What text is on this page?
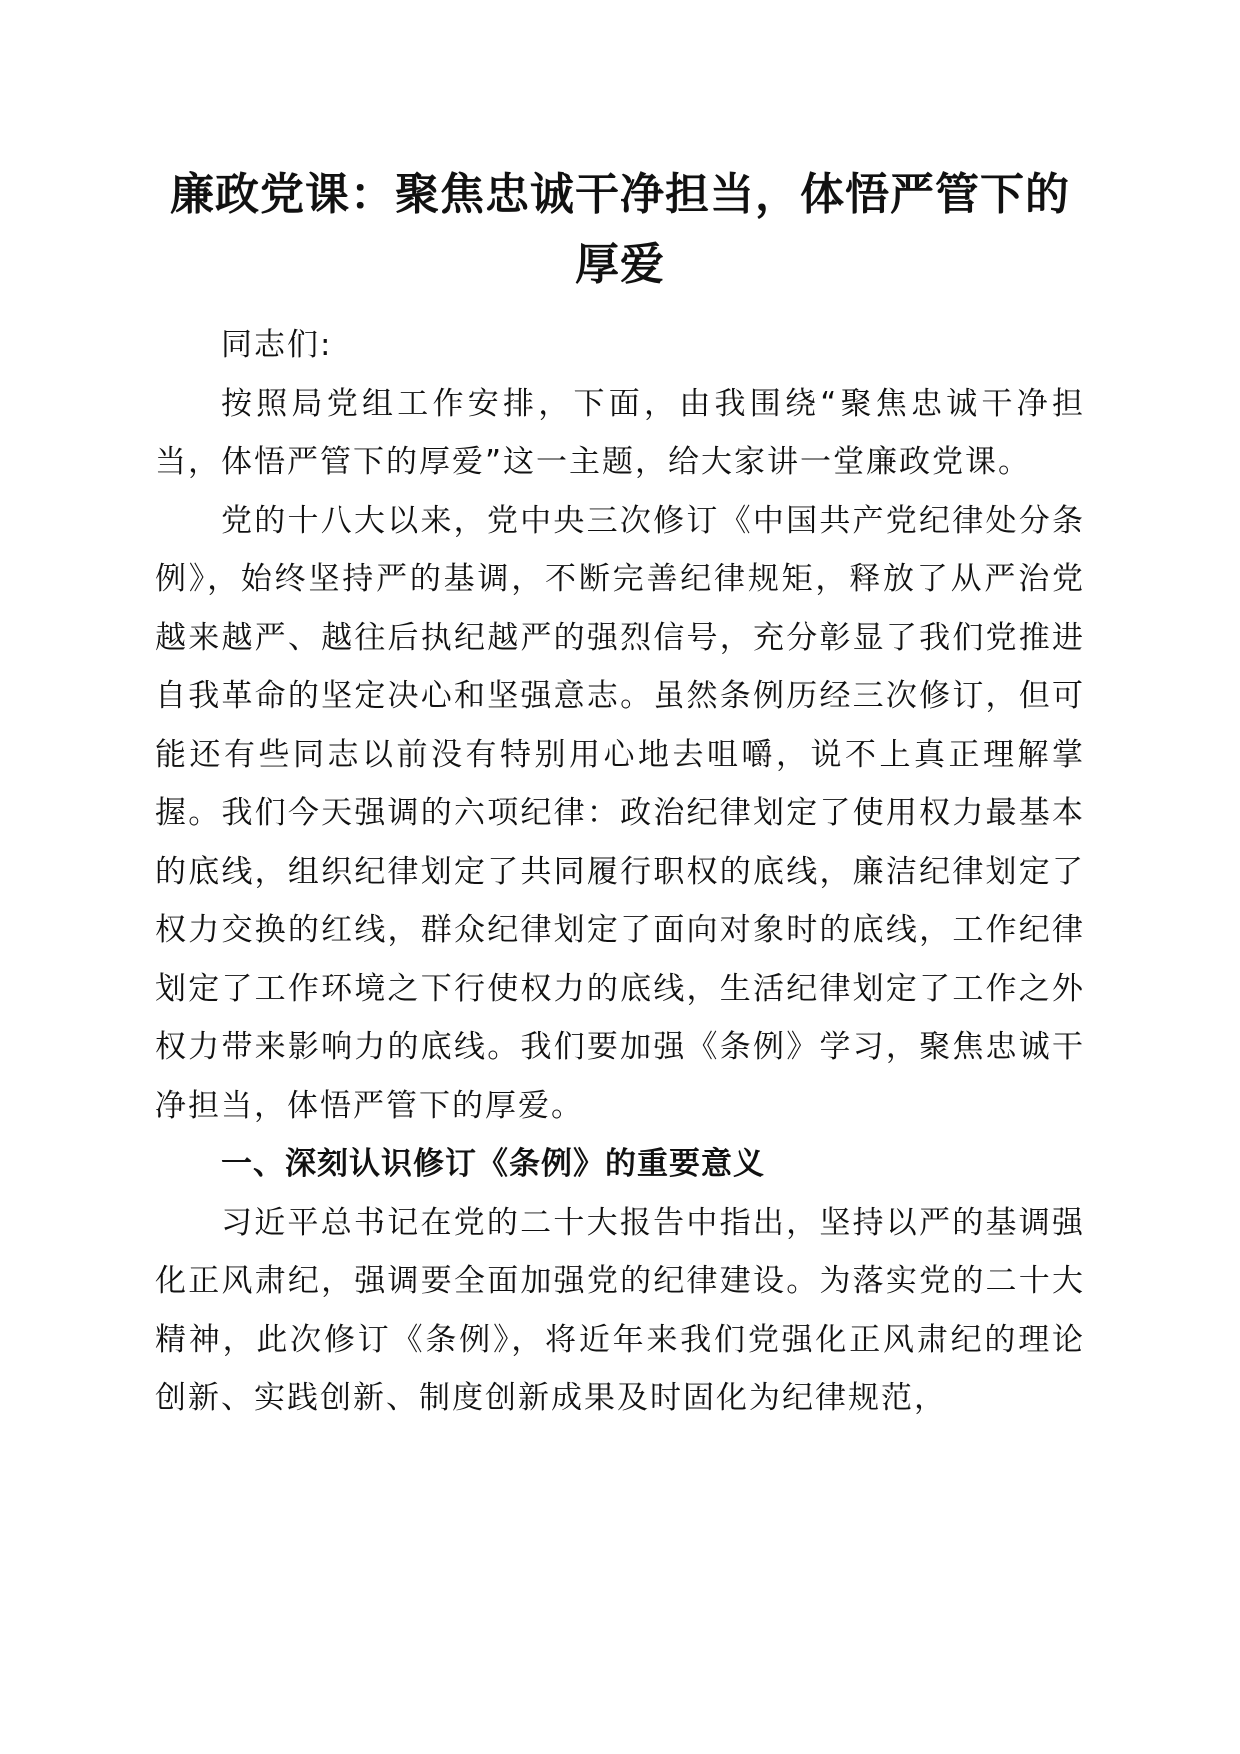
廉政党课：聚焦忠诚干净担当，体悟严管下的厚爱

同志们:

按照局党组工作安排，下面，由我围绕“聚焦忠诚干净担当，体悟严管下的厚爱”这一主题，给大家讲一堂廉政党课。

党的十八大以来，党中央三次修订《中国共产党纪律处分条例》，始终坚持严的基调，不断完善纪律规矩，释放了从严治党越来越严、越往后执纪越严的强烈信号，充分彰显了我们党推进自我革命的坚定决心和坚强意志。虽然条例历经三次修订，但可能还有些同志以前没有特别用心地去咀嚼，说不上真正理解掌握。我们今天强调的六项纪律：政治纪律划定了使用权力最基本的底线，组织纪律划定了共同履行职权的底线，廉洁纪律划定了权力交换的红线，群众纪律划定了面向对象时的底线，工作纪律划定了工作环境之下行使权力的底线，生活纪律划定了工作之外权力带来影响力的底线。我们要加强《条例》学习，聚焦忠诚干净担当，体悟严管下的厚爱。

一、深刻认识修订《条例》的重要意义

习近平总书记在党的二十大报告中指出，坚持以严的基调强化正风肃纪，强调要全面加强党的纪律建设。为落实党的二十大精神，此次修订《条例》，将近年来我们党强化正风肃纪的理论创新、实践创新、制度创新成果及时固化为纪律规范，
